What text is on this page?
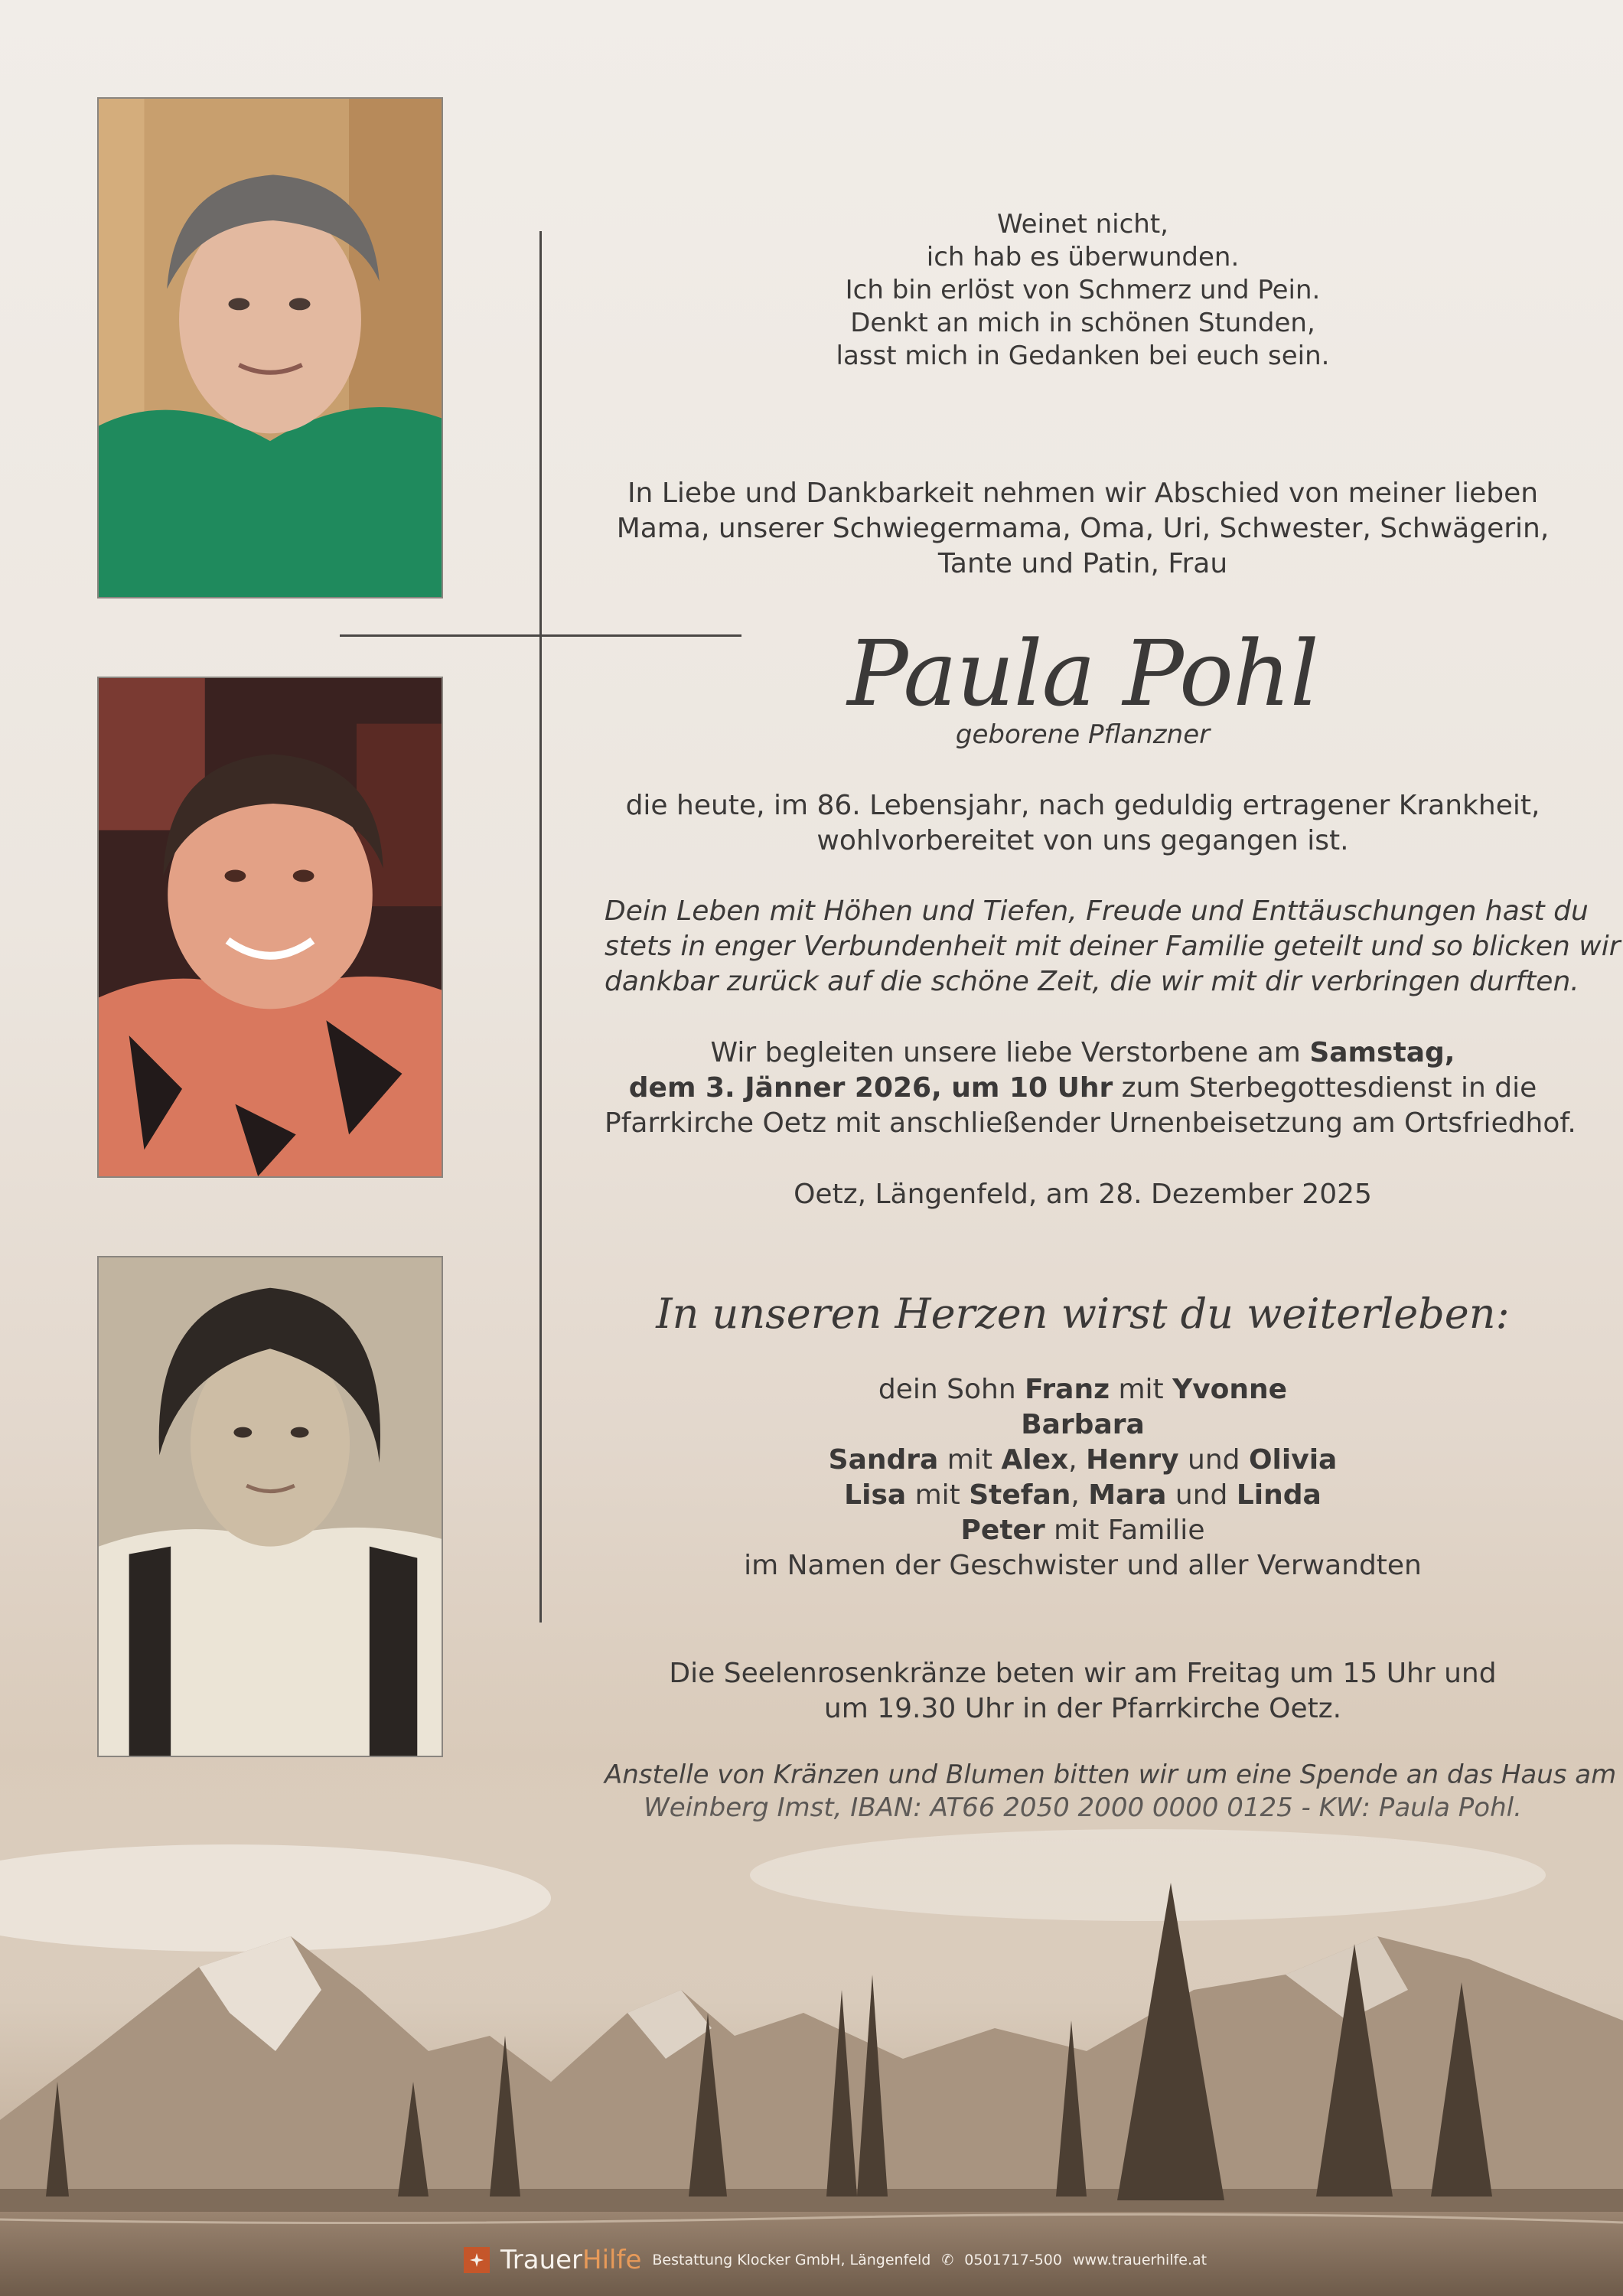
Weinet nicht,
ich hab es überwunden.
Ich bin erlöst von Schmerz und Pein.
Denkt an mich in schönen Stunden,
lasst mich in Gedanken bei euch sein.
In Liebe und Dankbarkeit nehmen wir Abschied von meiner lieben
Mama, unserer Schwiegermama, Oma, Uri, Schwester, Schwägerin,
Tante und Patin, Frau
Paula Pohl
geborene Pflanzner
die heute, im 86. Lebensjahr, nach geduldig ertragener Krankheit,
wohlvorbereitet von uns gegangen ist.
Dein Leben mit Höhen und Tiefen, Freude und Enttäuschungen hast du
stets in enger Verbundenheit mit deiner Familie geteilt und so blicken wir
dankbar zurück auf die schöne Zeit, die wir mit dir verbringen durften.
Wir begleiten unsere liebe Verstorbene am Samstag,
dem 3. Jänner 2026, um 10 Uhr zum Sterbegottesdienst in die
Pfarrkirche Oetz mit anschließender Urnenbeisetzung am Ortsfriedhof.
Oetz, Längenfeld, am 28. Dezember 2025
In unseren Herzen wirst du weiterleben:
dein Sohn Franz mit Yvonne
Barbara
Sandra mit Alex, Henry und Olivia
Lisa mit Stefan, Mara und Linda
Peter mit Familie
im Namen der Geschwister und aller Verwandten
Die Seelenrosenkränze beten wir am Freitag um 15 Uhr und
um 19.30 Uhr in der Pfarrkirche Oetz.
TrauerHilfe Bestattung Klocker GmbH, Längenfeld ✆ 0501717-500 www.trauerhilfe.at
